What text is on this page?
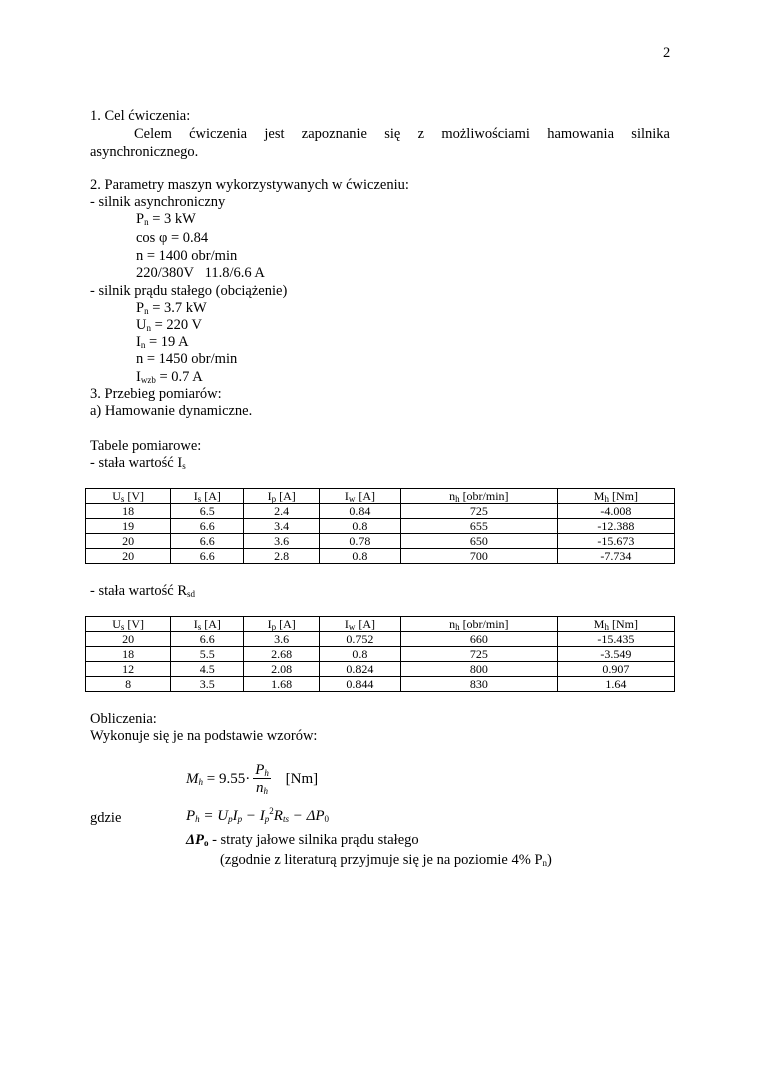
2
1. Cel ćwiczenia:
Celem ćwiczenia jest zapoznanie się z możliwościami hamowania silnika
asynchronicznego.
2. Parametry maszyn wykorzystywanych w ćwiczeniu:
- silnik asynchroniczny
$P_n = 3$ kW
cos φ = 0.84
n = 1400 obr/min
220/380V   11.8/6.6 A
- silnik prądu stałego (obciążenie)
$P_n = 3.7$ kW
$U_n = 220$ V
$I_n = 19$ A
n = 1450 obr/min
$I_{wzb} = 0.7$ A
3. Przebieg pomiarów:
a) Hamowanie dynamiczne.
Tabele pomiarowe:
- stała wartość $I_s$
$U_s$ [V]	$I_s$ [A]	$I_p$ [A]	$I_w$ [A]	$n_h$ [obr/min]	$M_h$ [Nm]
18	6.5	2.4	0.84	725	-4.008
19	6.6	3.4	0.8	655	-12.388
20	6.6	3.6	0.78	650	-15.673
20	6.6	2.8	0.8	700	-7.734
- stała wartość $R_{sd}$
$U_s$ [V]	$I_s$ [A]	$I_p$ [A]	$I_w$ [A]	$n_h$ [obr/min]	$M_h$ [Nm]
20	6.6	3.6	0.752	660	-15.435
18	5.5	2.68	0.8	725	-3.549
12	4.5	2.08	0.824	800	0.907
8	3.5	1.68	0.844	830	1.64
Obliczenia:
Wykonuje się je na podstawie wzorów:
$M_h = 9.55\cdot \frac{P_h}{n_h} [Nm]$
gdzie	$P_h = U_pI_p - I_p^2R_{ts} - \Delta P_0$
$\Delta P_o$ - straty jałowe silnika prądu stałego
(zgodnie z literaturą przyjmuje się je na poziomie 4% $P_n$)
